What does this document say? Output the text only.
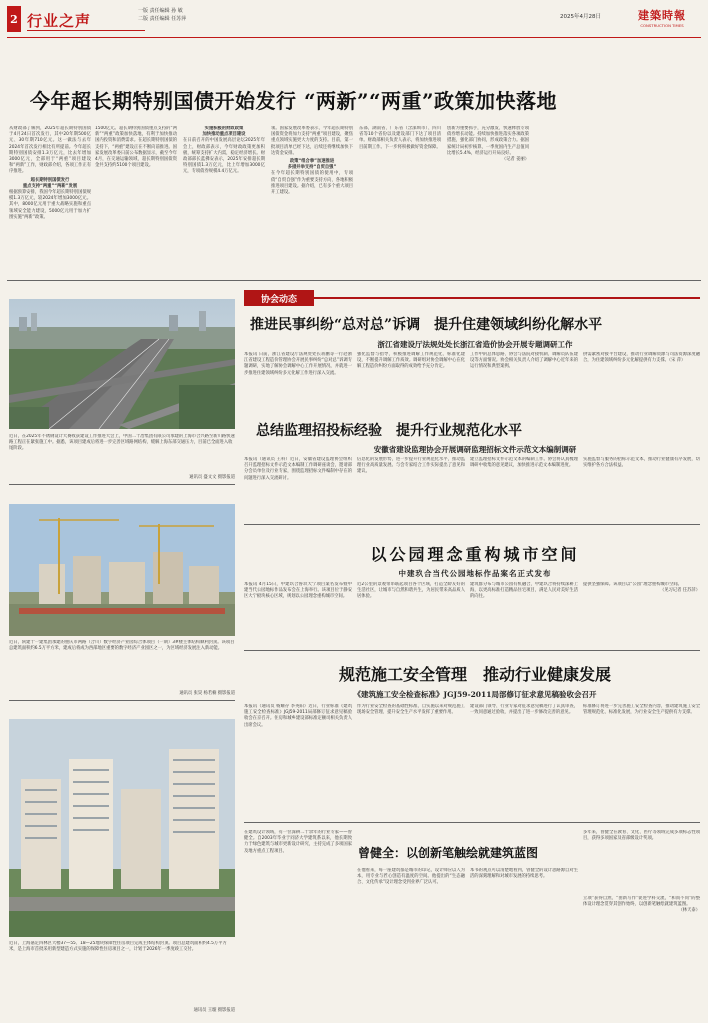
2 行业之声
一版 责任编辑 孙 敏
二版 责任编辑 任苏萍	2025年4月28日	建築時報
CONSTRUCTION TIMES
今年超长期特别国债开始发行 “两新”“两重”政策加快落地
从财政部了解到，2025年超长期特别国债于4月24日首次发行，其中20年期500亿元、30年期710亿元。这一做法与去年2024年首次发行相比有所提前。今年超长期特别国债安排1.3万亿元，比去年增加3000亿元，全部用于“两重”项目建设和“两新”工作，财政部介绍，各项工作正有序推进。
超长期特别国债发行
重点支持“两重”“两新”发展
根据预算安排，我国今年超长期特别国债规模1.3万亿元，较2024年增加3000亿元。其中，8000亿元用于重大战略实施和重点领域安全能力建设，5000亿元用于加力扩围实施“两新”政策。
1500亿元。超长期特别国债重点支持的“两新”“两重”政策加快落地，有利于加快推动国内投资和消费需求。在超长期特别国债的支持下，“两重”建设正在不断向前推进。国家发展改革委日前公布数据显示，截至今年4月，在交通运输领域，超长期特别国债资金共支持约5100个项目建设。
实施积极的财政政策
加快推动重点项目建设
在日前召开的中国发展高层论坛2025年年会上，财政部表示，今年财政政策更加积极，统筹支持扩大内需，稳定经济增长。财政部部长蓝佛安表示，2025年安排超长期特别国债1.3万亿元，比上年增加3000亿元，专项债券规模4.4万亿元。
领。国家发展改革委表示，今年超长期特别国债资金将加力支持“两重”项目建设，聚焦重点领域实施更大力度的支持。目前，第一批项目清单已经下达，后续还将继续加快下达资金安排。
政策“组合拳”加速推进
多措并举支持“自贸自强”
在今年超长期特别国债的使用中，专项债“自贸自强”作为重要支持方向，各地积极推进项目建设。据介绍，已有多个重大项目开工建设。
东部，湖南省、广东省（含深圳市）、四川省等10个省份以及建设部门下达了项目清单。财政部相关负责人表示，将加快推进项目前期工作。下一步将积极做好资金保障。
创新为重要抓手，充分激发、快速释放专项债券增长动能。持续加快推进落实各项政策措施，强化部门协同，形成政策合力。据国家统计局初步核算，一季度国内生产总值同比增长5.4%，经济运行开局良好。
（记者 姜丽）
近日，在2025年不锈钢设计大赛收获建设工作推进大会上，中国二十冶集团有限公司承建的上海市合兴路至新川路快速路工程正在紧张施工中。据悉，该项目建成后将进一步完善区域路网结构，缓解上海东部交通压力，目前已全面进入收尾阶段。
通讯员 盛文文 摄影报道
近日，陕建十一建集团承建的重庆市两路（合川）数字经济产业园综合体项目（一期）3#楼主体结构顺利封顶。该项目总建筑面积约6.5万平方米，建成后将成为西部地区重要的数字经济产业园区之一，为区域经济发展注入新动能。
通讯员 张炅 杨若楠 摄影报道
近日，上海嘉定四林区大楼37—55、18—25地块保障性住房项目完成主体结构封顶。项目总建筑面积约4.5万平方米，是上海市首批采用新型建造方式实施的保障性住房项目之一，计划于2026年一季度竣工交付。
通讯员 王璇 摄影报道
协会动态
推进民事纠纷“总对总”诉调　提升住建领域纠纷化解水平
浙江省建设厅法规处处长浙江省造价协会开展专题调研工作
本报讯 日前，浙江省建设厅法规处处长蒋鹏等一行赴浙江省建设工程造价管理协会开展民事纠纷“总对总”诉调专题调研，实地了解协会调解中心工作开展情况，并就进一步推进住建领域纠纷多元化解工作进行深入交流。
强化监督与指导，积极推进调解工作规范化、标准化建设，不断提升调解工作质效。调研组对协会调解中心在化解工程造价纠纷方面取得的成效给予充分肯定。
工作中的总体思路、协会与法院对接机制、调解员队伍建设等方面情况。协会相关负责人介绍了调解中心近年来的运行情况和典型案例。
供需紧密对接平台建设，推动行业调解资源与司法资源深度融合，为住建领域纠纷多元化解提供有力支撑。（宋 萍）
总结监理招投标经验　提升行业规范化水平
安徽省建设监理协会开展调研监理招标文件示范文本编制调研
本报讯（通讯员 王科）近日，安徽省建设监理协会组织召开监理招标文件示范文本编制工作调研座谈会，邀请部分会员单位及行业专家，围绕监理招标文件编制中存在的问题进行深入交流研讨。
信息化的发展形势，进一步提升行业规范化水平，推动监理行业高质量发展。与会专家结合工作实际提出了意见和建议。
建立监理招标文件示范文本的编制工作。协会将认真梳理调研中收集的意见建议，加快推进示范文本编制进度。
实施监督与服务的招标示范文本，推动行业健康有序发展，切实维护各方合法权益。
以公园理念重构城市空间
中建玖合当代公园地标作品案名正式发布
本报讯 4月15日，中建玖合鲁玖大宁项目案名发布暨中建当代公园地标作品发布会在上海举行。该项目位于静安区大宁板块核心区域，规划以公园理念重构城市空间。
近2公里的景观带串联起项目各个区域，打造全龄友好的生活社区，让城市与自然和谐共生，为居民带来高品质人居体验。
建筑群分布与城市公园有机融合，中建玖合将持续深耕上海，以更高标准打造精品住宅项目，满足人民对美好生活的向往。
提供坚强保障。该项目以“公园”理念重构城市空间。
（见习记者 任苏萍）
规范施工安全管理　推动行业健康发展
《建筑施工安全检查标准》JGJ59-2011局部修订征求意见稿验收会召开
本报讯（通讯员 杨耀存 李英阳）近日，行业标准《建筑施工安全检查标准》JGJ59-2011局部修订征求意见稿验收会在京召开。住房和城乡建设部标准定额司相关负责人出席会议。
作为行业安全检查的基础性标准，自实施以来对规范施工现场安全管理、提升安全生产水平发挥了重要作用。
建设部门领导、行业专家对征求意见稿进行了认真审查，一致同意通过验收，并提出了进一步修改完善的意见。
标准修订将进一步完善施工安全检查内容，推动建筑施工安全管理规范化、标准化发展，为行业安全生产提供有力支撑。
在建筑设计领域，有一位深耕二十余年的行业专家——曾健全。自2003年毕业于同济大学建筑系以来，他长期致力于绿色建筑与城市更新设计研究，主持完成了多项国家及地方重点工程项目。	曾健全：以创新笔触绘就建筑蓝图
在他看来，每一座建筑都是城市的印记，设计师应以人为本，用专业与匠心创造有温度的空间。他提出的“生态融合、文化传承”设计理念受到业界广泛认可。
本书的观点可以清楚地看到，曾健全的设计思路源自对生活的深刻理解和对城市发展的持续思考。
多年来，曾健全在教育、文化、医疗等领域完成多项标志性项目，获得多项国家及省部级设计奖项。
立项”获得自然、“由新写作”促进学科交流，“和而不同”的整体设计理念贯穿其创作始终，以创新笔触绘就建筑蓝图。
（林天泰）
